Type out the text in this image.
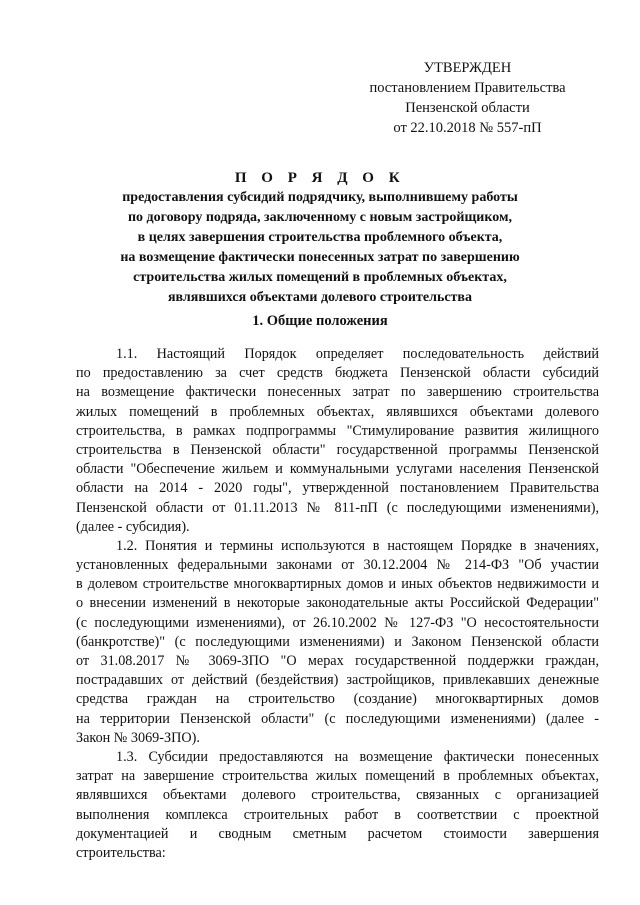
УТВЕРЖДЕН
постановлением Правительства
Пензенской области
от 22.10.2018 № 557-пП
П О Р Я Д О К
предоставления субсидий подрядчику, выполнившему работы
по договору подряда, заключенному с новым застройщиком,
в целях завершения строительства проблемного объекта,
на возмещение фактически понесенных затрат по завершению
строительства жилых помещений в проблемных объектах,
являвшихся объектами долевого строительства
1. Общие положения
1.1. Настоящий Порядок определяет последовательность действий
по предоставлению за счет средств бюджета Пензенской области субсидий
на возмещение фактически понесенных затрат по завершению строительства
жилых помещений в проблемных объектах, являвшихся объектами долевого
строительства, в рамках подпрограммы "Стимулирование развития жилищного
строительства в Пензенской области" государственной программы Пензенской
области "Обеспечение жильем и коммунальными услугами населения Пензенской
области на 2014 - 2020 годы", утвержденной постановлением Правительства
Пензенской области от 01.11.2013 № 811-пП (с последующими изменениями),
(далее - субсидия).
1.2. Понятия и термины используются в настоящем Порядке в значениях,
установленных федеральными законами от 30.12.2004 № 214-ФЗ "Об участии
в долевом строительстве многоквартирных домов и иных объектов недвижимости и
о внесении изменений в некоторые законодательные акты Российской Федерации"
(с последующими изменениями), от 26.10.2002 № 127-ФЗ "О несостоятельности
(банкротстве)" (с последующими изменениями) и Законом Пензенской области
от 31.08.2017 № 3069-ЗПО "О мерах государственной поддержки граждан,
пострадавших от действий (бездействия) застройщиков, привлекавших денежные
средства граждан на строительство (создание) многоквартирных домов
на территории Пензенской области" (с последующими изменениями) (далее -
Закон № 3069-ЗПО).
1.3. Субсидии предоставляются на возмещение фактически понесенных
затрат на завершение строительства жилых помещений в проблемных объектах,
являвшихся объектами долевого строительства, связанных с организацией
выполнения комплекса строительных работ в соответствии с проектной
документацией и сводным сметным расчетом стоимости завершения
строительства:
